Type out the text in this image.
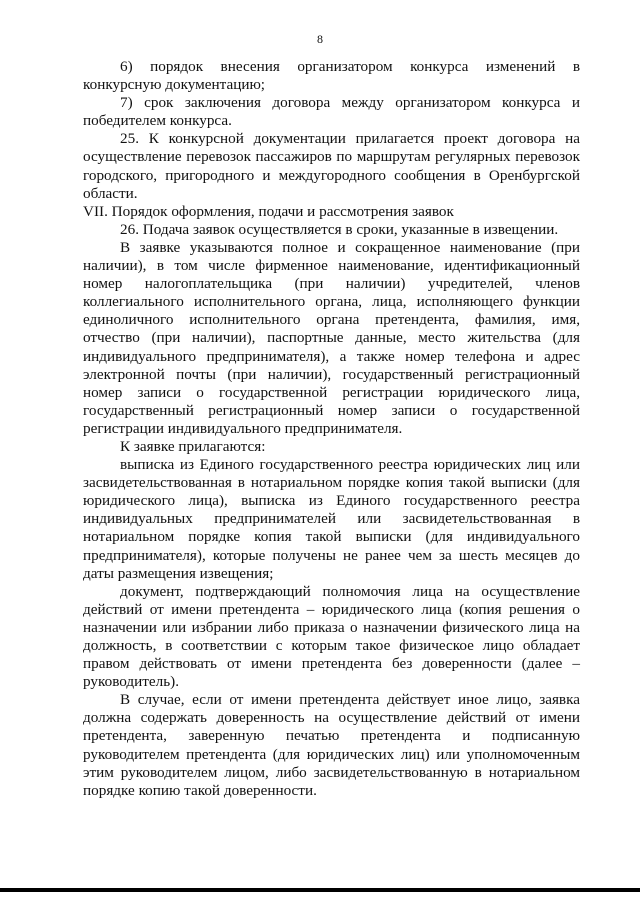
8

6) порядок внесения организатором конкурса изменений в конкурсную документацию;

7) срок заключения договора между организатором конкурса и победителем конкурса.

25. К конкурсной документации прилагается проект договора на осуществление перевозок пассажиров по маршрутам регулярных перевозок городского, пригородного и междугородного сообщения в Оренбургской области.

VII. Порядок оформления, подачи и рассмотрения заявок

26. Подача заявок осуществляется в сроки, указанные в извещении.

В заявке указываются полное и сокращенное наименование (при наличии), в том числе фирменное наименование, идентификационный номер налогоплательщика (при наличии) учредителей, членов коллегиального исполнительного органа, лица, исполняющего функции единоличного исполнительного органа претендента, фамилия, имя, отчество (при наличии), паспортные данные, место жительства (для индивидуального предпринимателя), а также номер телефона и адрес электронной почты (при наличии), государственный регистрационный номер записи о государственной регистрации юридического лица, государственный регистрационный номер записи о государственной регистрации индивидуального предпринимателя.

К заявке прилагаются:

выписка из Единого государственного реестра юридических лиц или засвидетельствованная в нотариальном порядке копия такой выписки (для юридического лица), выписка из Единого государственного реестра индивидуальных предпринимателей или засвидетельствованная в нотариальном порядке копия такой выписки (для индивидуального предпринимателя), которые получены не ранее чем за шесть месяцев до даты размещения извещения;

документ, подтверждающий полномочия лица на осуществление действий от имени претендента – юридического лица (копия решения о назначении или избрании либо приказа о назначении физического лица на должность, в соответствии с которым такое физическое лицо обладает правом действовать от имени претендента без доверенности (далее – руководитель).

В случае, если от имени претендента действует иное лицо, заявка должна содержать доверенность на осуществление действий от имени претендента, заверенную печатью претендента и подписанную руководителем претендента (для юридических лиц) или уполномоченным этим руководителем лицом, либо засвидетельствованную в нотариальном порядке копию такой доверенности.
